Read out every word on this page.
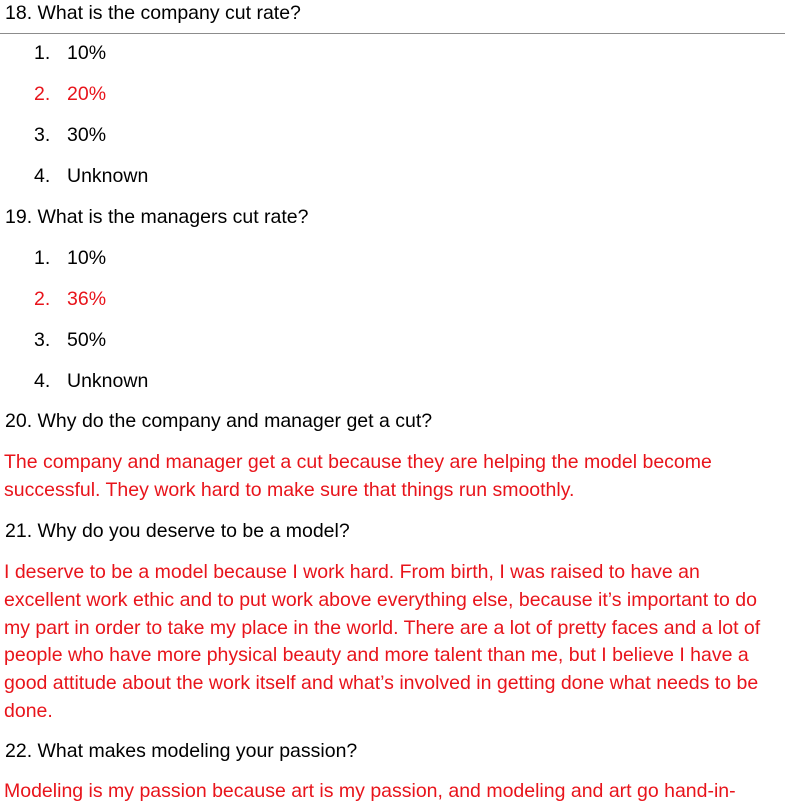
18. What is the company cut rate?
1. 10%
2. 20%
3. 30%
4. Unknown
19. What is the managers cut rate?
1. 10%
2. 36%
3. 50%
4. Unknown
20. Why do the company and manager get a cut?
The company and manager get a cut because they are helping the model become
successful. They work hard to make sure that things run smoothly.
21. Why do you deserve to be a model?
I deserve to be a model because I work hard. From birth, I was raised to have an
excellent work ethic and to put work above everything else, because it’s important to do
my part in order to take my place in the world. There are a lot of pretty faces and a lot of
people who have more physical beauty and more talent than me, but I believe I have a
good attitude about the work itself and what’s involved in getting done what needs to be
done.
22. What makes modeling your passion?
Modeling is my passion because art is my passion, and modeling and art go hand-in-
